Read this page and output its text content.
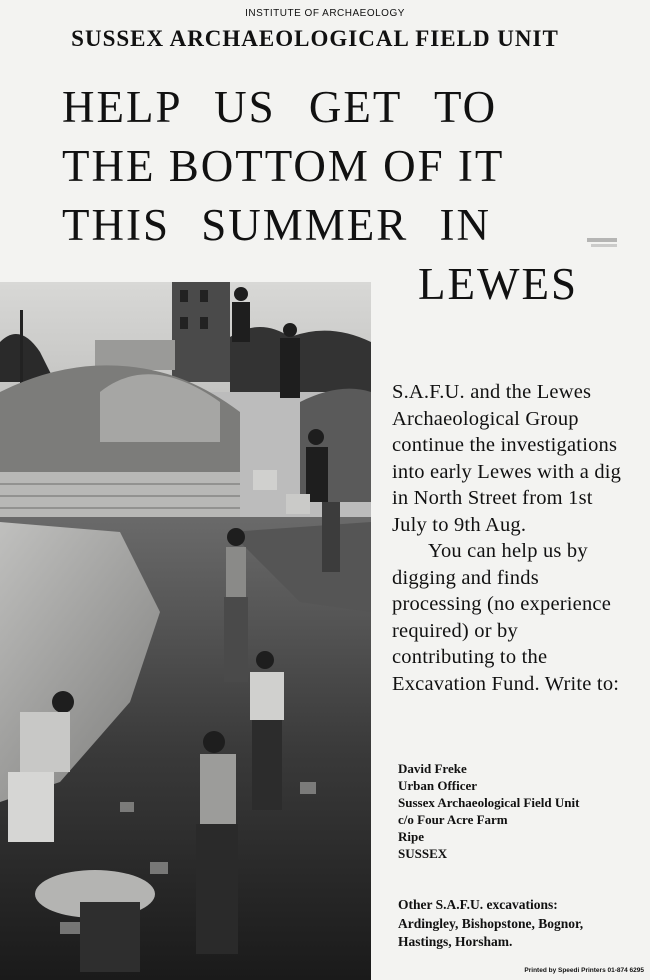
INSTITUTE OF ARCHAEOLOGY
SUSSEX ARCHAEOLOGICAL FIELD UNIT
HELP US GET TO
THE BOTTOM OF IT
THIS SUMMER IN
LEWES

S.A.F.U. and the Lewes Archaeological Group continue the investigations into early Lewes with a dig in North Street from 1st July to 9th Aug.

You can help us by digging and finds processing (no experience required) or by contributing to the Excavation Fund. Write to:

David Freke
Urban Officer
Sussex Archaeological Field Unit
c/o Four Acre Farm
Ripe
SUSSEX
Other S.A.F.U. excavations:
Ardingley, Bishopstone, Bognor, Hastings, Horsham.
Printed by Speedi Printers 01-874 6295
